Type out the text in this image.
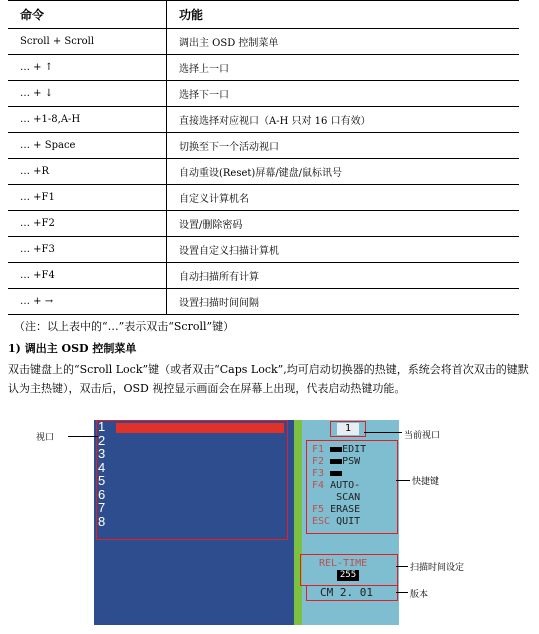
命令	功能
Scroll + Scroll	调出主 OSD 控制菜单
… + ↑	选择上一口
… + ↓	选择下一口
… +1-8,A-H	直接选择对应视口（A-H 只对 16 口有效）
… + Space	切换至下一个活动视口
… +R	自动重设(Reset)屏幕/键盘/鼠标讯号
… +F1	自定义计算机名
… +F2	设置/删除密码
… +F3	设置自定义扫描计算机
… +F4	自动扫描所有计算
… + →	设置扫描时间间隔
（注：以上表中的“…”表示双击“Scroll”键）
1) 调出主 OSD 控制菜单
双击键盘上的“Scroll Lock”键（或者双击“Caps Lock”,均可启动切换器的热键，系统会将首次双击的键默认为主热键），双击后，OSD 视控显示画面会在屏幕上出现，代表启动热键功能。
1
2
3
4
5
6
7
8
1
F1 EDIT
F2 PSW
F3
F4 AUTO-
SCAN
F5 ERASE
ESC QUIT
REL-TIME
255
CM 2. 01
视口	当前视口
快捷键
扫描时间设定
版本
